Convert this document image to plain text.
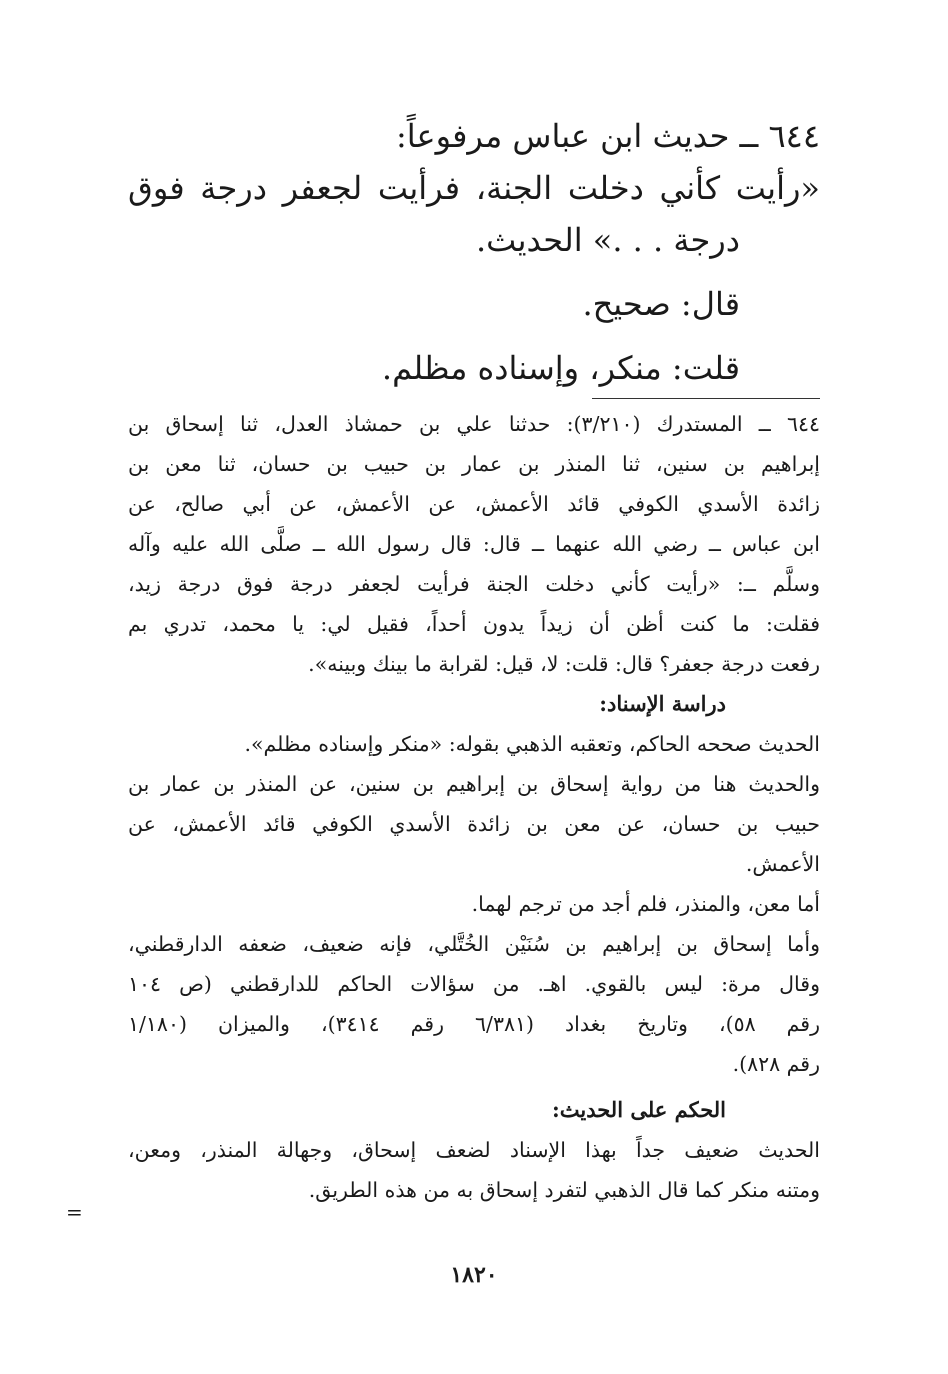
٦٤٤ ــ حديث ابن عباس مرفوعاً:
«رأيت كأني دخلت الجنة، فرأيت لجعفر درجة فوق
درجة . . .» الحديث.
قال: صحيح.
قلت: منكر، وإسناده مظلم.
٦٤٤ ــ المستدرك (٣/٢١٠): حدثنا علي بن حمشاذ العدل، ثنا إسحاق بن
إبراهيم بن سنين، ثنا المنذر بن عمار بن حبيب بن حسان، ثنا معن بن
زائدة الأسدي الكوفي قائد الأعمش، عن الأعمش، عن أبي صالح، عن
ابن عباس ــ رضي الله عنهما ــ قال: قال رسول الله ــ صلَّى الله عليه وآله
وسلَّم ــ: «رأيت كأني دخلت الجنة فرأيت لجعفر درجة فوق درجة زيد،
فقلت: ما كنت أظن أن زيداً يدون أحداً، فقيل لي: يا محمد، تدري بم
رفعت درجة جعفر؟ قال: قلت: لا، قيل: لقرابة ما بينك وبينه».
دراسة الإسناد:
الحديث صححه الحاكم، وتعقبه الذهبي بقوله: «منكر وإسناده مظلم».
والحديث هنا من رواية إسحاق بن إبراهيم بن سنين، عن المنذر بن عمار بن
حبيب بن حسان، عن معن بن زائدة الأسدي الكوفي قائد الأعمش، عن
الأعمش.
أما معن، والمنذر، فلم أجد من ترجم لهما.
وأما إسحاق بن إبراهيم بن سُنَيْن الخُتَّلي، فإنه ضعيف، ضعفه الدارقطني،
وقال مرة: ليس بالقوي. اهـ. من سؤالات الحاكم للدارقطني (ص ١٠٤
رقم ٥٨)، وتاريخ بغداد (٦/٣٨١ رقم ٣٤١٤)، والميزان (١/١٨٠
رقم ٨٢٨).
الحكم على الحديث:
الحديث ضعيف جداً بهذا الإسناد لضعف إسحاق، وجهالة المنذر، ومعن،
ومتنه منكر كما قال الذهبي لتفرد إسحاق به من هذه الطريق.
=
١٨٢٠
